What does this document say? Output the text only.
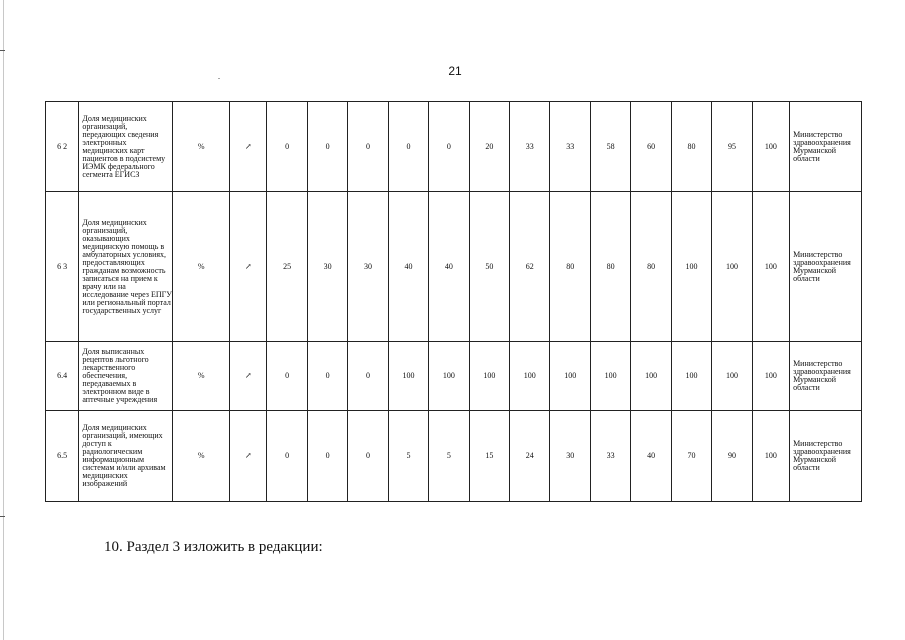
21
.
6 2	Доля медицинских организаций, передающих сведения электронных медицинских карт пациентов в подсистему ИЭМК федерального сегмента ЕГИСЗ	%	↗	0	0	0	0	0	20	33	33	58	60	80	95	100	Министерство здравоохранения Мурманской области
6 3	Доля медицинских организаций, оказывающих медицинскую помощь в амбулаторных условиях, предоставляющих гражданам возможность записаться на прием к врачу или на исследование через ЕПГУ или региональный портал государственных услуг	%	↗	25	30	30	40	40	50	62	80	80	80	100	100	100	Министерство здравоохранения Мурманской области
6.4	Доля выписанных рецептов льготного лекарственного обеспечения, передаваемых в электронном виде в аптечные учреждения	%	↗	0	0	0	100	100	100	100	100	100	100	100	100	100	Министерство здравоохранения Мурманской области
6.5	Доля медицинских организаций, имеющих доступ к радиологическим информационным системам и/или архивам медицинских изображений	%	↗	0	0	0	5	5	15	24	30	33	40	70	90	100	Министерство здравоохранения Мурманской области
10. Раздел 3 изложить в редакции:
